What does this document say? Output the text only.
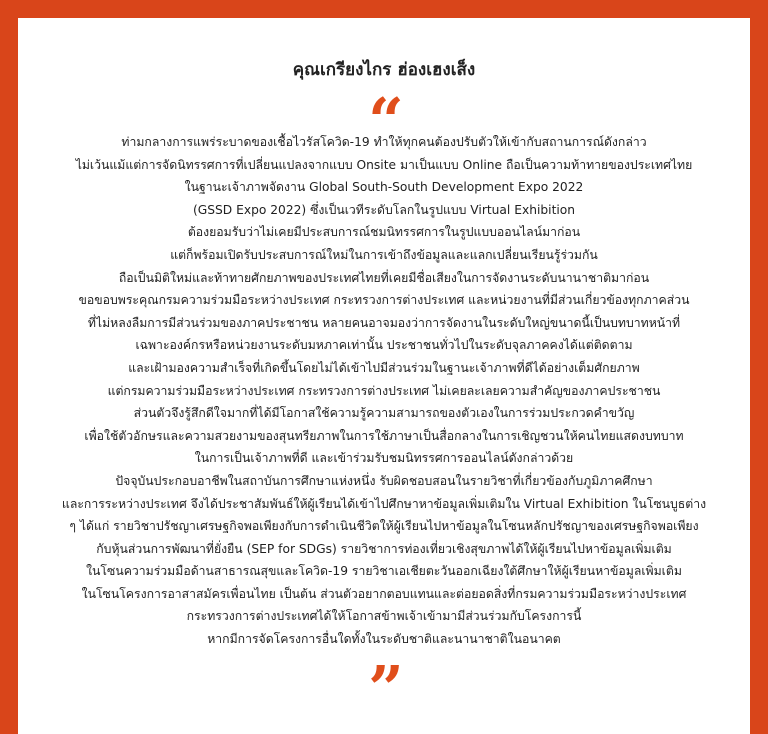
คุณเกรียงไกร ฮ่องเฮงเส็ง
“
ท่ามกลางการแพร่ระบาดของเชื้อไวรัสโควิด-19 ทำให้ทุกคนต้องปรับตัวให้เข้ากับสถานการณ์ดังกล่าว
ไม่เว้นแม้แต่การจัดนิทรรศการที่เปลี่ยนแปลงจากแบบ Onsite มาเป็นแบบ Online ถือเป็นความท้าทายของประเทศไทย
ในฐานะเจ้าภาพจัดงาน Global South-South Development Expo 2022
(GSSD Expo 2022) ซึ่งเป็นเวทีระดับโลกในรูปแบบ Virtual Exhibition
ต้องยอมรับว่าไม่เคยมีประสบการณ์ชมนิทรรศการในรูปแบบออนไลน์มาก่อน
แต่ก็พร้อมเปิดรับประสบการณ์ใหม่ในการเข้าถึงข้อมูลและแลกเปลี่ยนเรียนรู้ร่วมกัน
ถือเป็นมิติใหม่และท้าทายศักยภาพของประเทศไทยที่เคยมีชื่อเสียงในการจัดงานระดับนานาชาติมาก่อน
ขอขอบพระคุณกรมความร่วมมือระหว่างประเทศ กระทรวงการต่างประเทศ และหน่วยงานที่มีส่วนเกี่ยวข้องทุกภาคส่วน
ที่ไม่หลงลืมการมีส่วนร่วมของภาคประชาชน หลายคนอาจมองว่าการจัดงานในระดับใหญ่ขนาดนี้เป็นบทบาทหน้าที่
เฉพาะองค์กรหรือหน่วยงานระดับมหภาคเท่านั้น ประชาชนทั่วไปในระดับจุลภาคคงได้แต่ติดตาม
และเฝ้ามองความสำเร็จที่เกิดขึ้นโดยไม่ได้เข้าไปมีส่วนร่วมในฐานะเจ้าภาพที่ดีได้อย่างเต็มศักยภาพ
แต่กรมความร่วมมือระหว่างประเทศ กระทรวงการต่างประเทศ ไม่เคยละเลยความสำคัญของภาคประชาชน
ส่วนตัวจึงรู้สึกดีใจมากที่ได้มีโอกาสใช้ความรู้ความสามารถของตัวเองในการร่วมประกวดคำขวัญ
เพื่อใช้ตัวอักษรและความสวยงามของสุนทรียภาพในการใช้ภาษาเป็นสื่อกลางในการเชิญชวนให้คนไทยแสดงบทบาท
ในการเป็นเจ้าภาพที่ดี และเข้าร่วมรับชมนิทรรศการออนไลน์ดังกล่าวด้วย
ปัจจุบันประกอบอาชีพในสถาบันการศึกษาแห่งหนึ่ง รับผิดชอบสอนในรายวิชาที่เกี่ยวข้องกับภูมิภาคศึกษา
และการระหว่างประเทศ จึงได้ประชาสัมพันธ์ให้ผู้เรียนได้เข้าไปศึกษาหาข้อมูลเพิ่มเติมใน Virtual Exhibition ในโซนบูธต่าง
ๆ ได้แก่ รายวิชาปรัชญาเศรษฐกิจพอเพียงกับการดำเนินชีวิตให้ผู้เรียนไปหาข้อมูลในโซนหลักปรัชญาของเศรษฐกิจพอเพียง
กับหุ้นส่วนการพัฒนาที่ยั่งยืน (SEP for SDGs) รายวิชาการท่องเที่ยวเชิงสุขภาพได้ให้ผู้เรียนไปหาข้อมูลเพิ่มเติม
ในโซนความร่วมมือด้านสาธารณสุขและโควิด-19 รายวิชาเอเชียตะวันออกเฉียงใต้ศึกษาให้ผู้เรียนหาข้อมูลเพิ่มเติม
ในโซนโครงการอาสาสมัครเพื่อนไทย เป็นต้น ส่วนตัวอยากตอบแทนและต่อยอดสิ่งที่กรมความร่วมมือระหว่างประเทศ
กระทรวงการต่างประเทศได้ให้โอกาสข้าพเจ้าเข้ามามีส่วนร่วมกับโครงการนี้
หากมีการจัดโครงการอื่นใดทั้งในระดับชาติและนานาชาติในอนาคต
”
